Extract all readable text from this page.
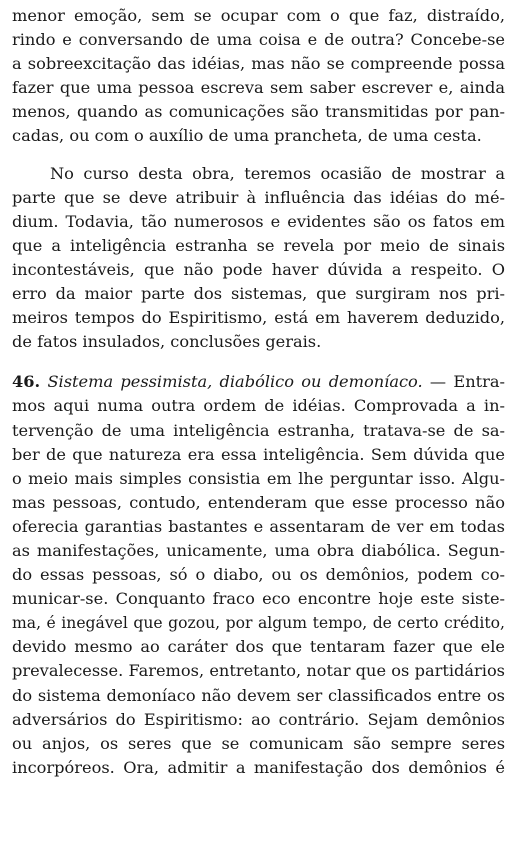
menor emoção, sem se ocupar com o que faz, distraído,
rindo e conversando de uma coisa e de outra? Concebe-se
a sobreexcitação das idéias, mas não se compreende possa
fazer que uma pessoa escreva sem saber escrever e, ainda
menos, quando as comunicações são transmitidas por pan-
cadas, ou com o auxílio de uma prancheta, de uma cesta.
No curso desta obra, teremos ocasião de mostrar a
parte que se deve atribuir à influência das idéias do mé-
dium. Todavia, tão numerosos e evidentes são os fatos em
que a inteligência estranha se revela por meio de sinais
incontestáveis, que não pode haver dúvida a respeito. O
erro da maior parte dos sistemas, que surgiram nos pri-
meiros tempos do Espiritismo, está em haverem deduzido,
de fatos insulados, conclusões gerais.
46. Sistema pessimista, diabólico ou demoníaco. — Entra-
mos aqui numa outra ordem de idéias. Comprovada a in-
tervenção de uma inteligência estranha, tratava-se de sa-
ber de que natureza era essa inteligência. Sem dúvida que
o meio mais simples consistia em lhe perguntar isso. Algu-
mas pessoas, contudo, entenderam que esse processo não
oferecia garantias bastantes e assentaram de ver em todas
as manifestações, unicamente, uma obra diabólica. Segun-
do essas pessoas, só o diabo, ou os demônios, podem co-
municar-se. Conquanto fraco eco encontre hoje este siste-
ma, é inegável que gozou, por algum tempo, de certo crédito,
devido mesmo ao caráter dos que tentaram fazer que ele
prevalecesse. Faremos, entretanto, notar que os partidários
do sistema demoníaco não devem ser classificados entre os
adversários do Espiritismo: ao contrário. Sejam demônios
ou anjos, os seres que se comunicam são sempre seres
incorpóreos. Ora, admitir a manifestação dos demônios é
